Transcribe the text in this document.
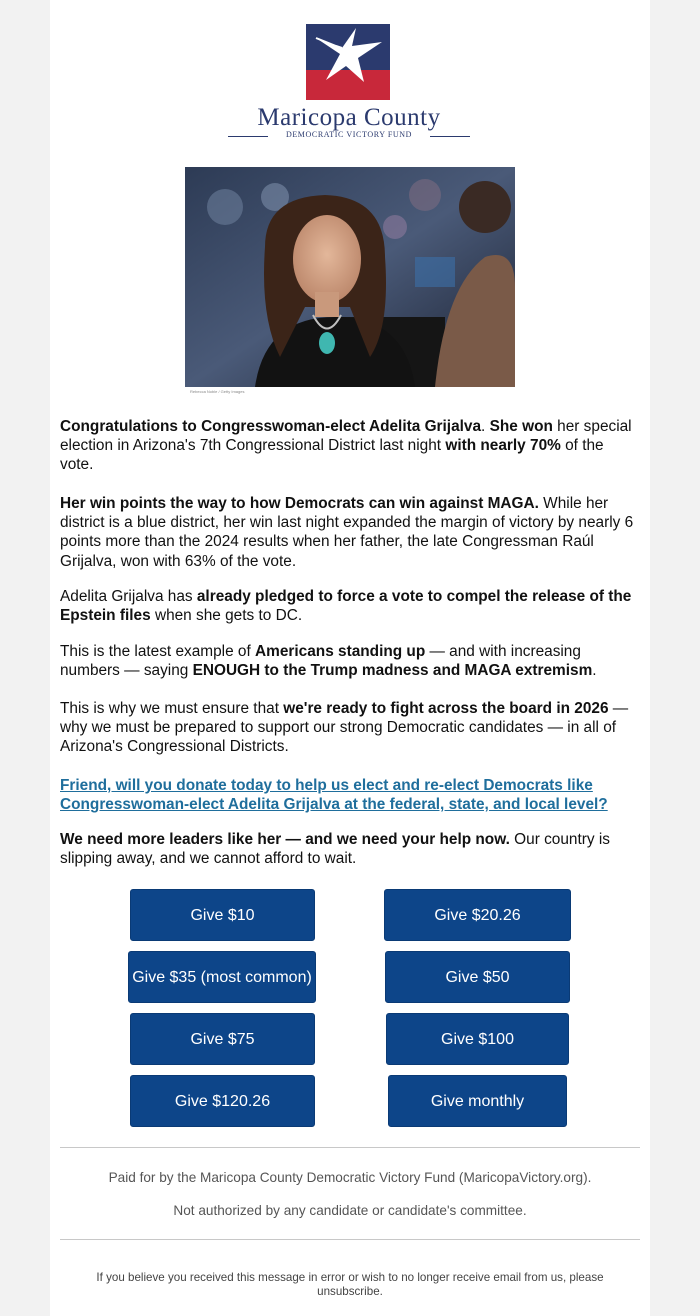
Maricopa County
DEMOCRATIC VICTORY FUND
Rebecca Noble / Getty Images

Congratulations to Congresswoman-elect Adelita Grijalva. She won her special election in Arizona's 7th Congressional District last night with nearly 70% of the vote.

Her win points the way to how Democrats can win against MAGA. While her district is a blue district, her win last night expanded the margin of victory by nearly 6 points more than the 2024 results when her father, the late Congressman Raúl Grijalva, won with 63% of the vote.

Adelita Grijalva has already pledged to force a vote to compel the release of the Epstein files when she gets to DC.

This is the latest example of Americans standing up — and with increasing numbers — saying ENOUGH to the Trump madness and MAGA extremism.

This is why we must ensure that we're ready to fight across the board in 2026 — why we must be prepared to support our strong Democratic candidates — in all of Arizona's Congressional Districts.

Friend, will you donate today to help us elect and re-elect Democrats like Congresswoman-elect Adelita Grijalva at the federal, state, and local level?

We need more leaders like her — and we need your help now. Our country is slipping away, and we cannot afford to wait.

Give $10	Give $20.26
Give $35 (most common)	Give $50
Give $75	Give $100
Give $120.26	Give monthly
Paid for by the Maricopa County Democratic Victory Fund (MaricopaVictory.org).
Not authorized by any candidate or candidate's committee.
If you believe you received this message in error or wish to no longer receive email from us, please unsubscribe.
